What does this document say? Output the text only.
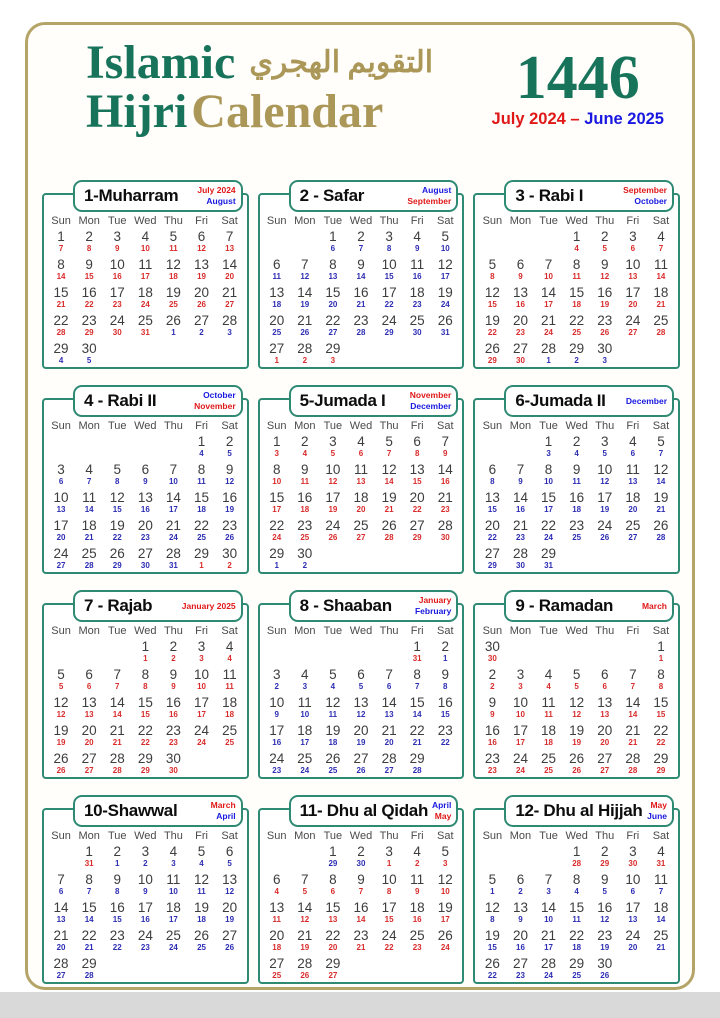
Islamic التقويم الهجري
Hijri Calendar	1446
July 2024 – June 2025
1-Muharram July 2024
August
Sun	Mon	Tue	Wed	Thu	Fri	Sat
1	2	3	4	5	6	7
7	8	9	10	11	12	13
8	9	10	11	12	13	14
14	15	16	17	18	19	20
15	16	17	18	19	20	21
21	22	23	24	25	26	27
22	23	24	25	26	27	28
28	29	30	31	1	2	3
29	30					
4	5					
2 - Safar	August
September
Sun	Mon	Tue	Wed	Thu	Fri	Sat
		1	2	3	4	5
		6	7	8	9	10
6	7	8	9	10	11	12
11	12	13	14	15	16	17
13	14	15	16	17	18	19
18	19	20	21	22	23	24
20	21	22	23	24	25	26
25	26	27	28	29	30	31
27	28	29				
1	2	3				
3 - Rabi I	September
October
Sun	Mon	Tue	Wed	Thu	Fri	Sat
			1	2	3	4
			4	5	6	7
5	6	7	8	9	10	11
8	9	10	11	12	13	14
12	13	14	15	16	17	18
15	16	17	18	19	20	21
19	20	21	22	23	24	25
22	23	24	25	26	27	28
26	27	28	29	30		
29	30	1	2	3		
4 - Rabi II	October
November
Sun	Mon	Tue	Wed	Thu	Fri	Sat
					1	2
					4	5
3	4	5	6	7	8	9
6	7	8	9	10	11	12
10	11	12	13	14	15	16
13	14	15	16	17	18	19
17	18	19	20	21	22	23
20	21	22	23	24	25	26
24	25	26	27	28	29	30
27	28	29	30	31	1	2
5-Jumada I	November
December
Sun	Mon	Tue	Wed	Thu	Fri	Sat
1	2	3	4	5	6	7
3	4	5	6	7	8	9
8	9	10	11	12	13	14
10	11	12	13	14	15	16
15	16	17	18	19	20	21
17	18	19	20	21	22	23
22	23	24	25	26	27	28
24	25	26	27	28	29	30
29	30					
1	2					
6-Jumada II December
Sun	Mon	Tue	Wed	Thu	Fri	Sat
		1	2	3	4	5
		3	4	5	6	7
6	7	8	9	10	11	12
8	9	10	11	12	13	14
13	14	15	16	17	18	19
15	16	17	18	19	20	21
20	21	22	23	24	25	26
22	23	24	25	26	27	28
27	28	29				
29	30	31				
7 - Rajab	January 2025
Sun	Mon	Tue	Wed	Thu	Fri	Sat
			1	2	3	4
			1	2	3	4
5	6	7	8	9	10	11
5	6	7	8	9	10	11
12	13	14	15	16	17	18
12	13	14	15	16	17	18
19	20	21	22	23	24	25
19	20	21	22	23	24	25
26	27	28	29	30		
26	27	28	29	30		
8 - Shaaban	January
February
Sun	Mon	Tue	Wed	Thu	Fri	Sat
					1	2
					31	1
3	4	5	6	7	8	9
2	3	4	5	6	7	8
10	11	12	13	14	15	16
9	10	11	12	13	14	15
17	18	19	20	21	22	23
16	17	18	19	20	21	22
24	25	26	27	28	29	
23	24	25	26	27	28	
9 - Ramadan	March
Sun	Mon	Tue	Wed	Thu	Fri	Sat
30						1
30						1
2	3	4	5	6	7	8
2	3	4	5	6	7	8
9	10	11	12	13	14	15
9	10	11	12	13	14	15
16	17	18	19	20	21	22
16	17	18	19	20	21	22
23	24	25	26	27	28	29
23	24	25	26	27	28	29
10-Shawwal	March
April
Sun	Mon	Tue	Wed	Thu	Fri	Sat
	1	2	3	4	5	6
	31	1	2	3	4	5
7	8	9	10	11	12	13
6	7	8	9	10	11	12
14	15	16	17	18	19	20
13	14	15	16	17	18	19
21	22	23	24	25	26	27
20	21	22	23	24	25	26
28	29					
27	28					
11- Dhu al Qidah April
May
Sun	Mon	Tue	Wed	Thu	Fri	Sat
		1	2	3	4	5
		29	30	1	2	3
6	7	8	9	10	11	12
4	5	6	7	8	9	10
13	14	15	16	17	18	19
11	12	13	14	15	16	17
20	21	22	23	24	25	26
18	19	20	21	22	23	24
27	28	29				
25	26	27				
12- Dhu al Hijjah May
June
Sun	Mon	Tue	Wed	Thu	Fri	Sat
			1	2	3	4
			28	29	30	31
5	6	7	8	9	10	11
1	2	3	4	5	6	7
12	13	14	15	16	17	18
8	9	10	11	12	13	14
19	20	21	22	23	24	25
15	16	17	18	19	20	21
26	27	28	29	30		
22	23	24	25	26		
